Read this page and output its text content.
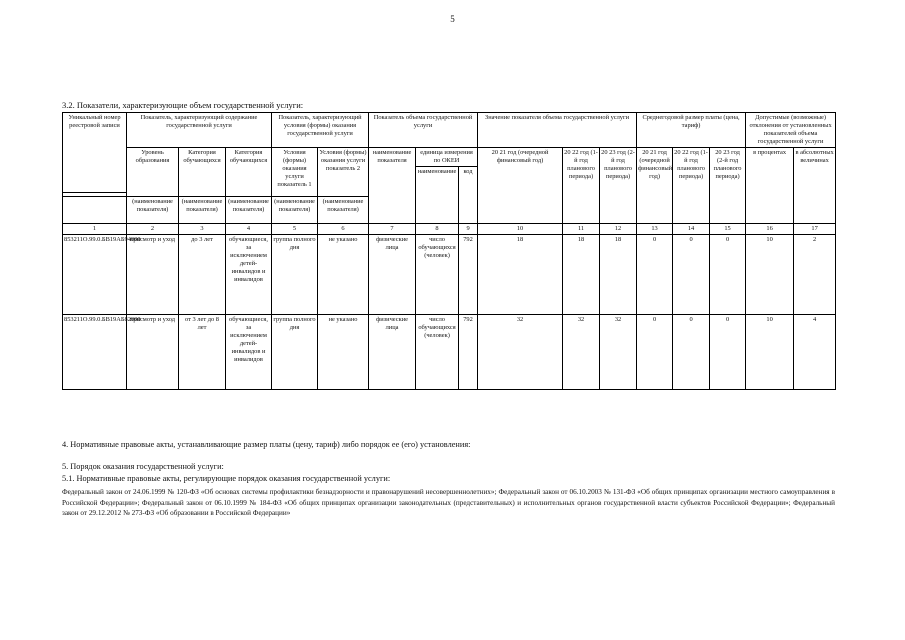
5
3.2. Показатели, характеризующие объем государственной услуги:
Уникальный номер реестровой записи	Показатель, характеризующий содержание государственной услуги			Показатель, характеризующий условия (формы) оказания государственной услуги		Показатель объема государственной услуги			Значение показателя объема государственной услуги			Среднегодовой размер платы (цена, тариф)			Допустимые (возможные) отклонения от установленных показателей объема государственной услуги	
	Уровень образования	Категория обучающихся	Категория обучающихся	Условия (формы) оказания услуги показатель 1	Условия (формы) оказания услуги показатель 2	наименование показателя	единица измерения по ОКЕИ		20 21 год (очередной финансовый год)	20 22 год (1-й год планового периода)	20 23 год (2-й год планового периода)	20 21 год (очередной финансовый год)	20 22 год (1-й год планового периода)	20 23 год (2-й год планового периода)	в процентах	в абсолютных величинах
							наименование	код								

	(наименование показателя)	(наименование показателя)	(наименование показателя)	(наименование показателя)	(наименование показателя)											
1	2	3	4	5	6	7	8	9	10	11	12	13	14	15	16	17
853211О.99.0.БВ19АБ94000	присмотр и уход	до 3 лет	обучающиеся, за исключением детей-инвалидов и инвалидов	группа полного дня	не указано	физические лица	число обучающихся (человек)	792	18	18	18	0	0	0	10	2
853211О.99.0.БВ19АБ82000	присмотр и уход	от 3 лет до 8 лет	обучающиеся, за исключением детей-инвалидов и инвалидов	группа полного дня	не указано	физические лица	число обучающихся (человек)	792	32	32	32	0	0	0	10	4
4. Нормативные правовые акты, устанавливающие размер платы (цену, тариф) либо порядок ее (его) установления:
5. Порядок оказания государственной услуги:
5.1. Нормативные правовые акты, регулирующие порядок оказания государственной услуги:
Федеральный закон от 24.06.1999 № 120-ФЗ «Об основах системы профилактики безнадзорности и правонарушений несовершеннолетних»; Федеральный закон от 06.10.2003 № 131-ФЗ «Об общих принципах организации местного самоуправления в Российской Федерации»; Федеральный закон от 06.10.1999 № 184-ФЗ «Об общих принципах организации законодательных (представительных) и исполнительных органов государственной власти субъектов Российской Федерации»; Федеральный закон от 29.12.2012 № 273-ФЗ «Об образовании в Российской Федерации»
